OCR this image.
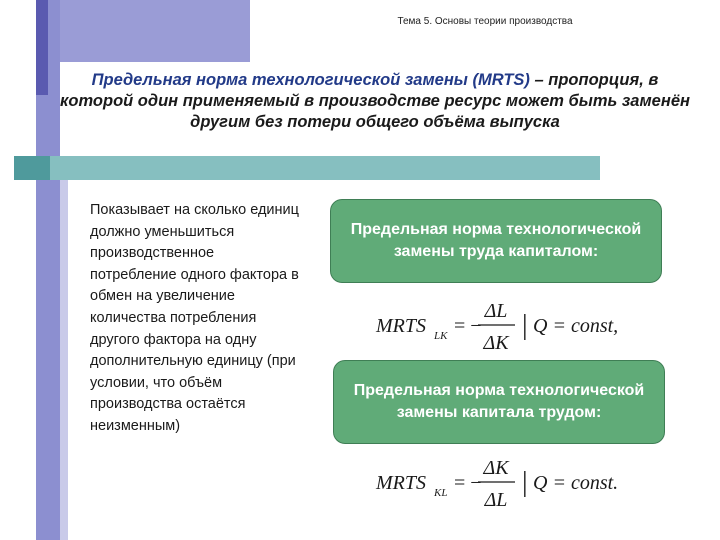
Тема 5. Основы теории производства
Предельная норма технологической замены (MRTS) – пропорция, в которой один применяемый в производстве ресурс может быть заменён другим без потери общего объёма выпуска
Показывает на сколько единиц должно уменьшиться производственное потребление одного фактора в обмен на увеличение количества потребления другого фактора на одну дополнительную единицу (при условии, что объём производства остаётся неизменным)
Предельная норма технологической замены труда капиталом:
MRTS LK = −
ΔL
ΔK
| Q = const,
Предельная норма технологической замены капитала трудом:
MRTS KL = −
ΔK
ΔL
| Q = const.
